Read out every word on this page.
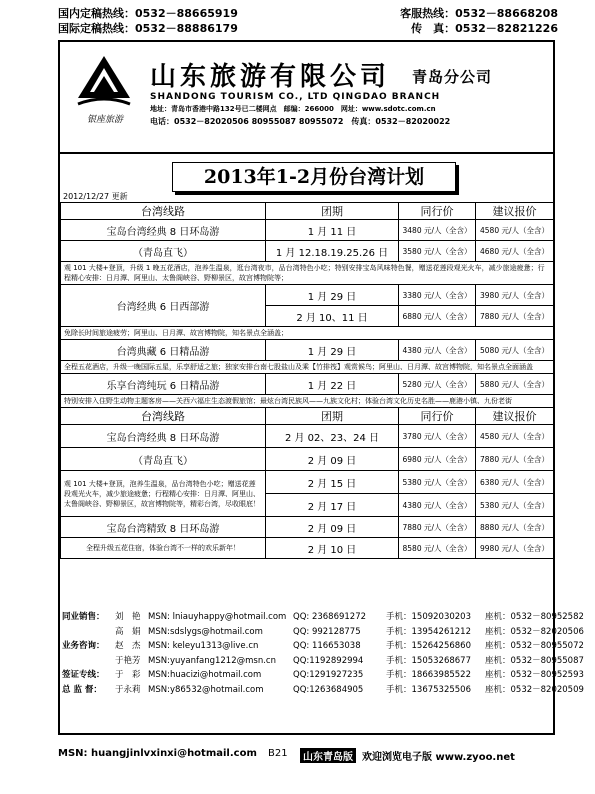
国内定稿热线：0532－88665919	客服热线：0532－88668208
国际定稿热线：0532－88886179	传　真：0532－82821226
银座旅游
山东旅游有限公司 青岛分公司
SHANDONG TOURISM CO., LTD QINGDAO BRANCH
地址：青岛市香港中路132号已二楼网点　邮编：266000　网址：www.sdotc.com.cn
电话：0532－82020506 80955087 80955072　传真：0532－82020022
2013年1-2月份台湾计划
2012/12/27 更新
台湾线路	团期	同行价	建议报价
宝岛台湾经典 8 日环岛游	1 月 11 日	3480 元/人（全含）	4580 元/人（全含）
（青岛直飞）	1 月 12.18.19.25.26 日	3580 元/人（全含）	4680 元/人（全含）
观 101 大楼+登顶，升级 1 晚五花酒店，泡养生温泉，逛台湾夜市，品台湾特色小吃；特别安排宝岛风味特色餐，赠送花莲段观光火车，减少旅途疲惫；行程精心安排：日月潭、阿里山、太鲁阁峡谷、野柳景区，故宫博物院等；			
台湾经典 6 日西部游	1 月 29 日	3380 元/人（全含）	3980 元/人（全含）
	2 月 10、11 日	6880 元/人（全含）	7880 元/人（全含）
免除长时间旅途疲劳；阿里山、日月潭、故宫博物院，知名景点全涵盖；			
台湾典藏 6 日精品游	1 月 29 日	4380 元/人（全含）	5080 元/人（全含）
全程五花酒店，升级一晚国际五星，乐享舒适之旅；独家安排台南七股盐山及乘【竹排筏】观赏候鸟；阿里山、日月潭、故宫博物院，知名景点全面涵盖			
乐享台湾纯玩 6 日精品游	1 月 22 日	5280 元/人（全含）	5880 元/人（全含）
特别安排入住野生动物主题客房——关西六福庄生态渡假旅馆；最炫台湾民族风——九族文化村；体验台湾文化历史名胜——鹿港小镇、九份老街			
台湾线路	团期	同行价	建议报价
宝岛台湾经典 8 日环岛游	2 月 02、23、24 日	3780 元/人（全含）	4580 元/人（全含）
（青岛直飞）	2 月 09 日	6980 元/人（全含）	7880 元/人（全含）
观 101 大楼+登顶，泡养生温泉，品台湾特色小吃；赠送花莲段观光火车，减少旅途疲惫；行程精心安排：日月潭、阿里山、太鲁阁峡谷、野柳景区，故宫博物院等，精彩台湾，尽收眼底！	2 月 15 日	5380 元/人（全含）	6380 元/人（全含）
	2 月 17 日	4380 元/人（全含）	5380 元/人（全含）
宝岛台湾精致 8 日环岛游	2 月 09 日	7880 元/人（全含）	8880 元/人（全含）
全程升级五花住宿，体验台湾不一样的欢乐新年！	2 月 10 日	8580 元/人（全含）	9980 元/人（全含）
同业销售： 刘　艳 MSN: lniauyhappy@hotmail.com QQ: 2368691272 手机：15092030203 座机：0532－80952582
高　娟 MSN:sdslygs@hotmail.com	QQ: 992128775	手机：13954261212 座机：0532－82020506
业务咨询： 赵　杰 MSN: keleyu1313@live.cn	QQ: 116653038	手机：15264256860 座机：0532－80955072
于艳芳 MSN:yuyanfang1212@msn.cn QQ:1192892994	手机：15053268677 座机：0532－80955087
签证专线： 于　彩 MSN:huacizi@hotmail.com	QQ:1291927235	手机：18663985522 座机：0532－80952593
总 监 督： 于永莉 MSN:y86532@hotmail.com	QQ:1263684905	手机：13675325506 座机：0532－82020509
MSN: huangjinlvxinxi@hotmail.com B21	山东青岛版 欢迎浏览电子版 www.zyoo.net
